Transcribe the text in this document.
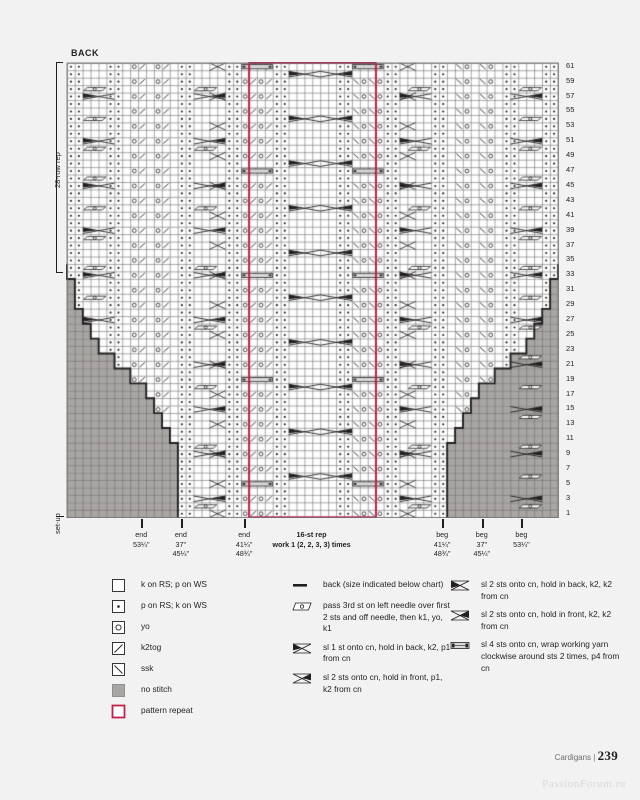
BACK
61
59
57
55
53
51
49
47
45
43
41
39
37
35
33
31
29
27
25
23
21
19
17
15
13
11
9
7
5
3
1
28-row rep
set-up
end
53¼"
end
37"
45¼"
end
41¼"
48¾"
beg
41¼"
48¾"
beg
37"
45¼"
beg
53¼"
16-st rep
work 1 (2, 2, 3, 3) times
k on RS; p on WS
p on RS; k on WS
yo
k2tog
ssk
no stitch
pattern repeat
back (size indicated below chart)
pass 3rd st on left needle over first 2 sts and off needle, then k1, yo, k1
sl 1 st onto cn, hold in back, k2, p1 from cn
sl 2 sts onto cn, hold in front, p1, k2 from cn
sl 2 sts onto cn, hold in back, k2, k2 from cn
sl 2 sts onto cn, hold in front, k2, k2 from cn
sl 4 sts onto cn, wrap working yarn clockwise around sts 2 times, p4 from cn
Cardigans | 239
PassionForum.ru
